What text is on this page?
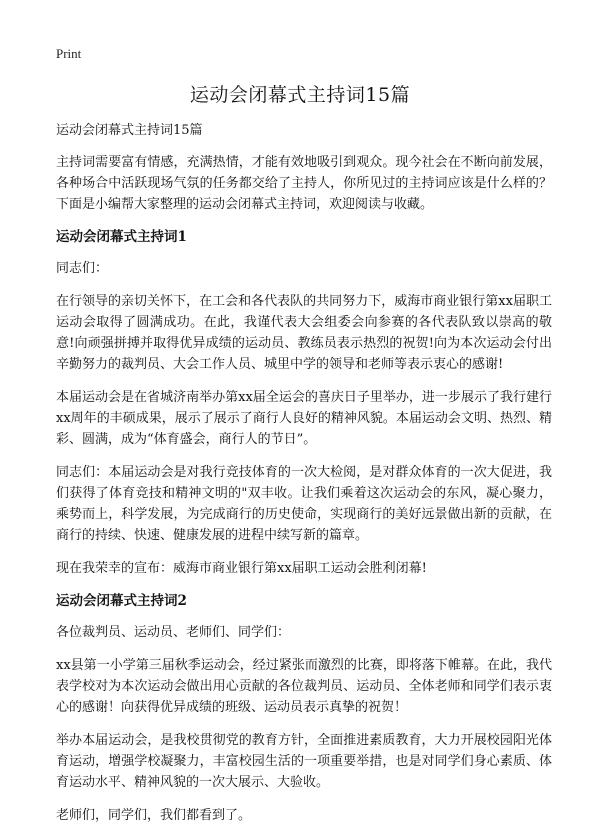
Print
运动会闭幕式主持词15篇

运动会闭幕式主持词15篇

主持词需要富有情感，充满热情，才能有效地吸引到观众。现今社会在不断向前发展，各种场合中活跃现场气氛的任务都交给了主持人，你所见过的主持词应该是什么样的？下面是小编帮大家整理的运动会闭幕式主持词，欢迎阅读与收藏。

运动会闭幕式主持词1

同志们：

在行领导的亲切关怀下，在工会和各代表队的共同努力下，威海市商业银行第xx届职工运动会取得了圆满成功。在此，我谨代表大会组委会向参赛的各代表队致以崇高的敬意!向顽强拼搏并取得优异成绩的运动员、教练员表示热烈的祝贺!向为本次运动会付出辛勤努力的裁判员、大会工作人员、城里中学的领导和老师等表示衷心的感谢!

本届运动会是在省城济南举办第xx届全运会的喜庆日子里举办，进一步展示了我行建行xx周年的丰硕成果，展示了展示了商行人良好的精神风貌。本届运动会文明、热烈、精彩、圆满，成为“体育盛会，商行人的节日”。

同志们：本届运动会是对我行竞技体育的一次大检阅，是对群众体育的一次大促进，我们获得了体育竞技和精神文明的"双丰收。让我们乘着这次运动会的东风，凝心聚力，乘势而上，科学发展，为完成商行的历史使命，实现商行的美好远景做出新的贡献，在商行的持续、快速、健康发展的进程中续写新的篇章。

现在我荣幸的宣布：威海市商业银行第xx届职工运动会胜利闭幕!

运动会闭幕式主持词2

各位裁判员、运动员、老师们、同学们：

xx县第一小学第三届秋季运动会，经过紧张而激烈的比赛，即将落下帷幕。在此，我代表学校对为本次运动会做出用心贡献的各位裁判员、运动员、全体老师和同学们表示衷心的感谢！向获得优异成绩的班级、运动员表示真挚的祝贺！

举办本届运动会，是我校贯彻党的教育方针，全面推进素质教育，大力开展校园阳光体育运动，增强学校凝聚力，丰富校园生活的一项重要举措，也是对同学们身心素质、体育运动水平、精神风貌的一次大展示、大验收。

老师们，同学们，我们都看到了。
